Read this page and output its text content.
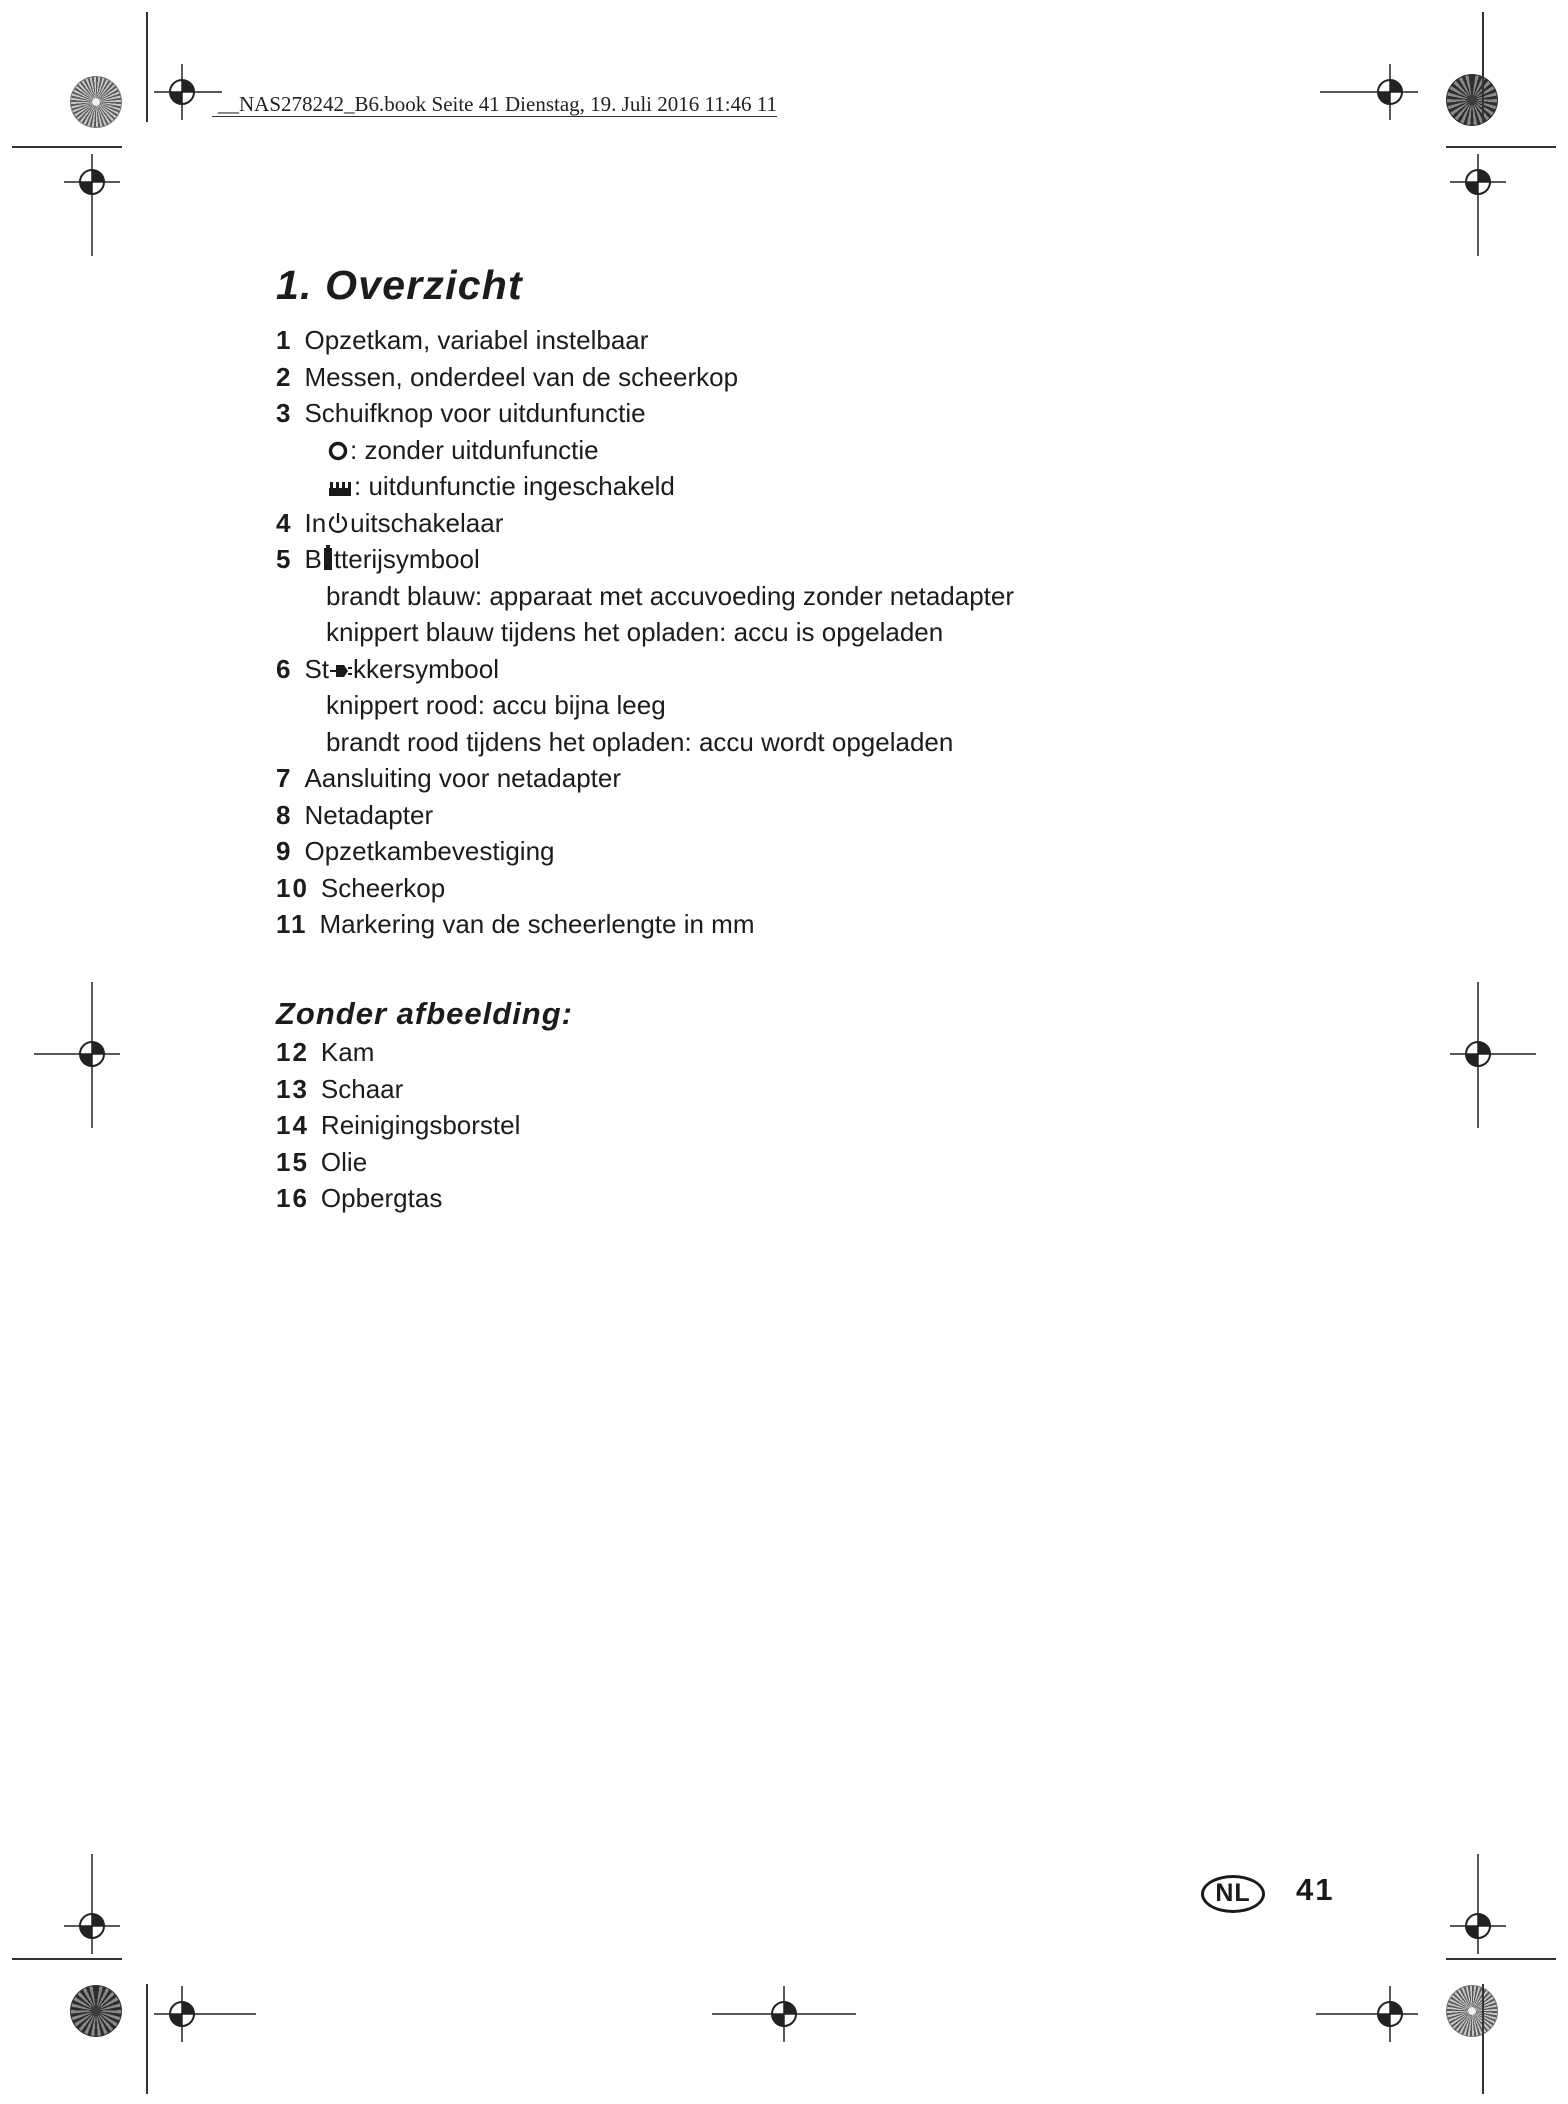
__NAS278242_B6.book Seite 41 Dienstag, 19. Juli 2016 11:46 11
1. Overzicht
1 Opzetkam, variabel instelbaar
2 Messen, onderdeel van de scheerkop
3 Schuifknop voor uitdunfunctie
: zonder uitdunfunctie
: uitdunfunctie ingeschakeld
4 In uitschakelaar
5 B tterijsymbool
brandt blauw: apparaat met accuvoeding zonder netadapter
knippert blauw tijdens het opladen: accu is opgeladen
6 St kkersymbool
knippert rood: accu bijna leeg
brandt rood tijdens het opladen: accu wordt opgeladen
7 Aansluiting voor netadapter
8 Netadapter
9 Opzetkambevestiging
10 Scheerkop
11 Markering van de scheerlengte in mm
Zonder afbeelding:
12 Kam
13 Schaar
14 Reinigingsborstel
15 Olie
16 Opbergtas
NL	41
